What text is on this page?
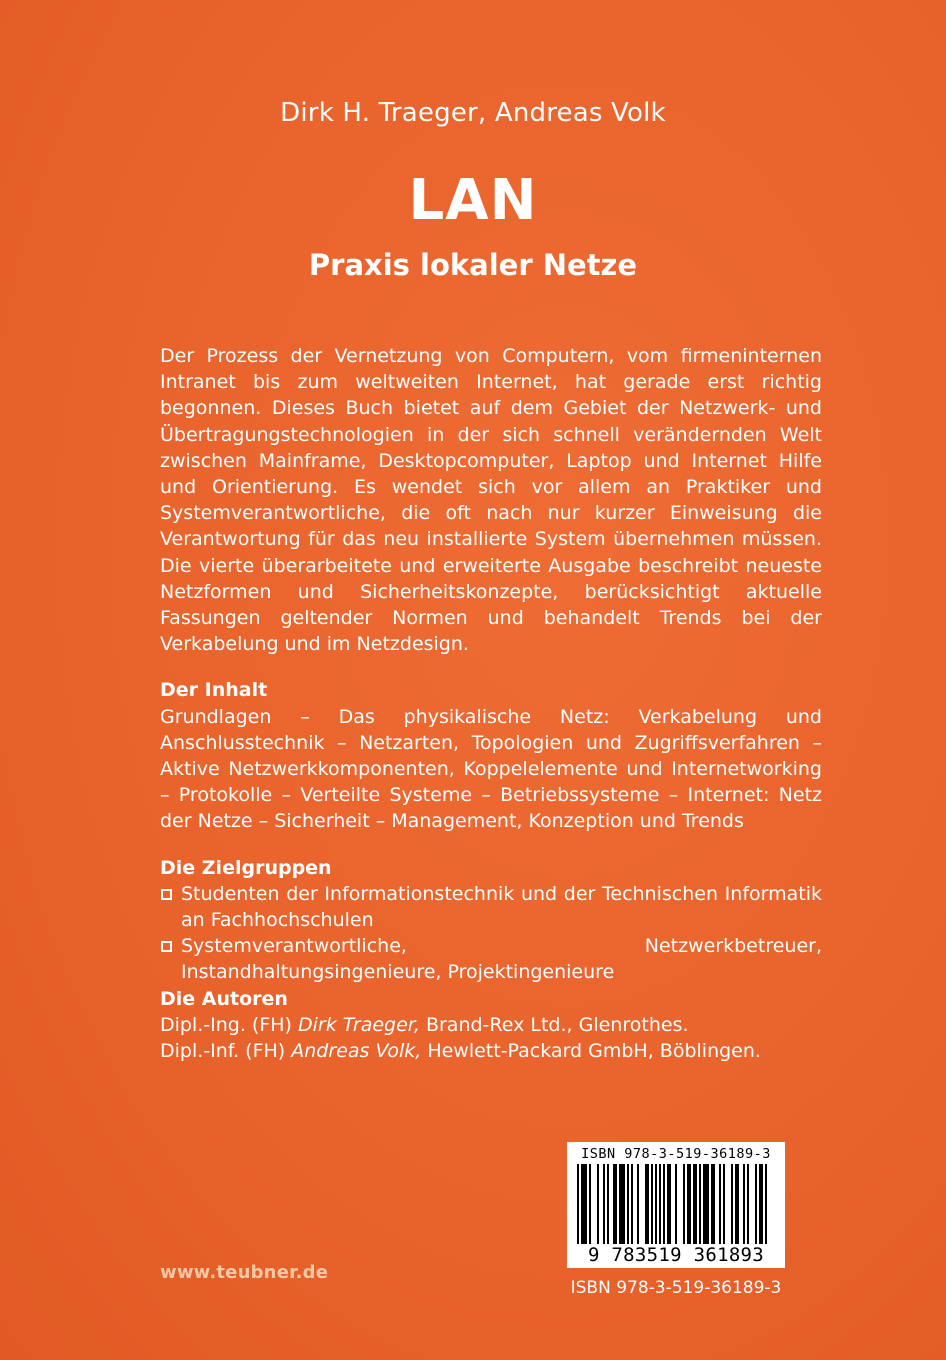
Dirk H. Traeger, Andreas Volk
LAN
Praxis lokaler Netze

Der Prozess der Vernetzung von Computern, vom firmeninternen Intranet bis zum weltweiten Internet, hat gerade erst richtig begonnen. Dieses Buch bietet auf dem Gebiet der Netzwerk- und Übertragungstechnologien in der sich schnell verändernden Welt zwischen Mainframe, Desktopcomputer, Laptop und Internet Hilfe und Orientierung. Es wendet sich vor allem an Praktiker und Systemverantwortliche, die oft nach nur kurzer Einweisung die Verantwortung für das neu installierte System übernehmen müssen. Die vierte überarbeitete und erweiterte Ausgabe beschreibt neueste Netzformen und Sicherheitskonzepte, berücksichtigt aktuelle Fassungen geltender Normen und behandelt Trends bei der Verkabelung und im Netzdesign.

Der Inhalt

Grundlagen – Das physikalische Netz: Verkabelung und Anschlusstechnik – Netzarten, Topologien und Zugriffsverfahren – Aktive Netzwerkkomponenten, Koppelelemente und Internetworking – Protokolle – Verteilte Systeme – Betriebssysteme – Internet: Netz der Netze – Sicherheit – Management, Konzeption und Trends

Die Zielgruppen

Studenten der Informationstechnik und der Technischen Informatik an Fachhochschulen
Systemverantwortliche, Netzwerkbetreuer, Instandhaltungsingenieure, Projektingenieure

Die Autoren

Dipl.-Ing. (FH) Dirk Traeger, Brand-Rex Ltd., Glenrothes.

Dipl.-Inf. (FH) Andreas Volk, Hewlett-Packard GmbH, Böblingen.

www.teubner.de
ISBN 978-3-519-36189-3
9 783519 361893
ISBN 978-3-519-36189-3
